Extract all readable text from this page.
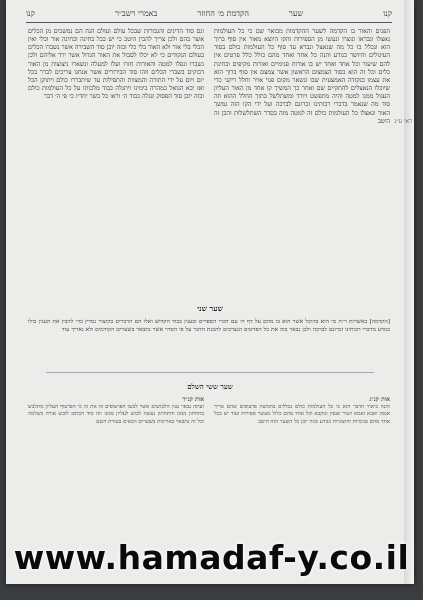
קנו
שער
הקדמת מ׳ החוזר
באמרי רשב״ר
קנו
דאי ע״ג
הפנים והאור בו הקדמה לשער ההקדמות מבואר שם כי כל העולמות נאצלו ונבראו ונוצרו ונעשו מן הספירות והקו היוצא מאור אין סוף ברוך הוא ונכלל בו כל מה שנאצל ונברא עד סוף כל העולמות כולם בסוד העיגולים והיושר כנודע והנה כל אחד ואחד מהם כולל כלל פרטים אין להם שיעור וכל אחד ואחד יש בו אורות פנימיים ואורות מקיפים ובחינת כלים וכל זה הוא בסוד הצמצום הראשון אשר צמצם אין סוף ברוך הוא את עצמו בנקודה האמצעית שבו ונשאר מקום פנוי אויר וחלל ריקני כדי שיוכלו הנאצלים להתקיים שם ואחר כך המשיך קו אחד מן האור העליון העגול ממנו למטה והיה מתפשט ויורד ומשתלשל בתוך החלל ההוא וזה סוד מה שנאמר בדברי רבותינו זכרונם לברכה ועל ידי הקו הזה נמשך האור ונאצלו כל העולמות כולם זה למטה מזה בסדר השתלשלות והבן זה היטב
וגם סוד הדינים והגבורות שבכל עולם ועולם הנה הם נמשכים מן הכלים אשר בהם ולכן צריך להבין היטב כי יש בכל בחינה ובחינה אור וכלי ואין הכלי בלי אור ולא האור בלי כלי ובזה יובן סוד השבירה אשר נשברו הכלים בעולם הנקודים כי לא יכלו לסבול את האור הגדול אשר ירד אליהם ולכן נשברו ונפלו למטה והאורות חזרו ועלו למעלה ונשארו ניצוצות מן האור דבוקים בשברי הכלים וזהו סוד הבירורים אשר אנחנו צריכים לברר בכל יום ויום על ידי התורה והמצוות והתפילות עד שיתבררו כולם ויתוקן הכל ואז יבא הגואל במהרה בימינו ויתגלה כבוד מלכותו על כל העולמות כולם ובזה יובן סוד הפסוק ונגלה כבוד ה׳ וראו כל בשר יחדיו כי פי ה׳ דבר
שער שני
[הקדמה] באשרות ר״ח מי הוא בהיכל אשר הוא בו מהם על דף ח׳ עם דברי הספרים ובענין כבוד הקדוש ואלו הם הדברים בקיצור נמרץ כדי להבין את הענין כולו כנודע מדברי רבותינו זכרונם לברכה ולכן נבאר בזה את כל הפרטים הנצרכים להבנת הדבר על פי הסדר אשר נתבאר בשערים הקודמים ולא נאריך עוד
שער ששי השלם
אות קנ״ג
והנה ביאור הדבר הוא כי כל העולמות כולם נכללים בחמשה פרצופים שהם אריך אנפין ואבא ואמא וזעיר אנפין ונוקבא וכל אחד מהם כלול מעשר ספירות ועוד יש בכל אחד מהם פנימיות וחיצוניות כנודע ובזה יובן כל השער הזה היטב
אות קנ״ד
ועתה נבאר ענין הלבושים אשר לבשו הפרצופים זה את זה כי הפרצוף העליון מתלבש בתחתון ממנו והתחתון נעשה לבוש לעליון ממנו וזה סוד הכתוב לובש אורה כשלמה וכל זה נתבאר באריכות בשערים הבאים בעזרת השם
www.hamadaf-y.co.il
